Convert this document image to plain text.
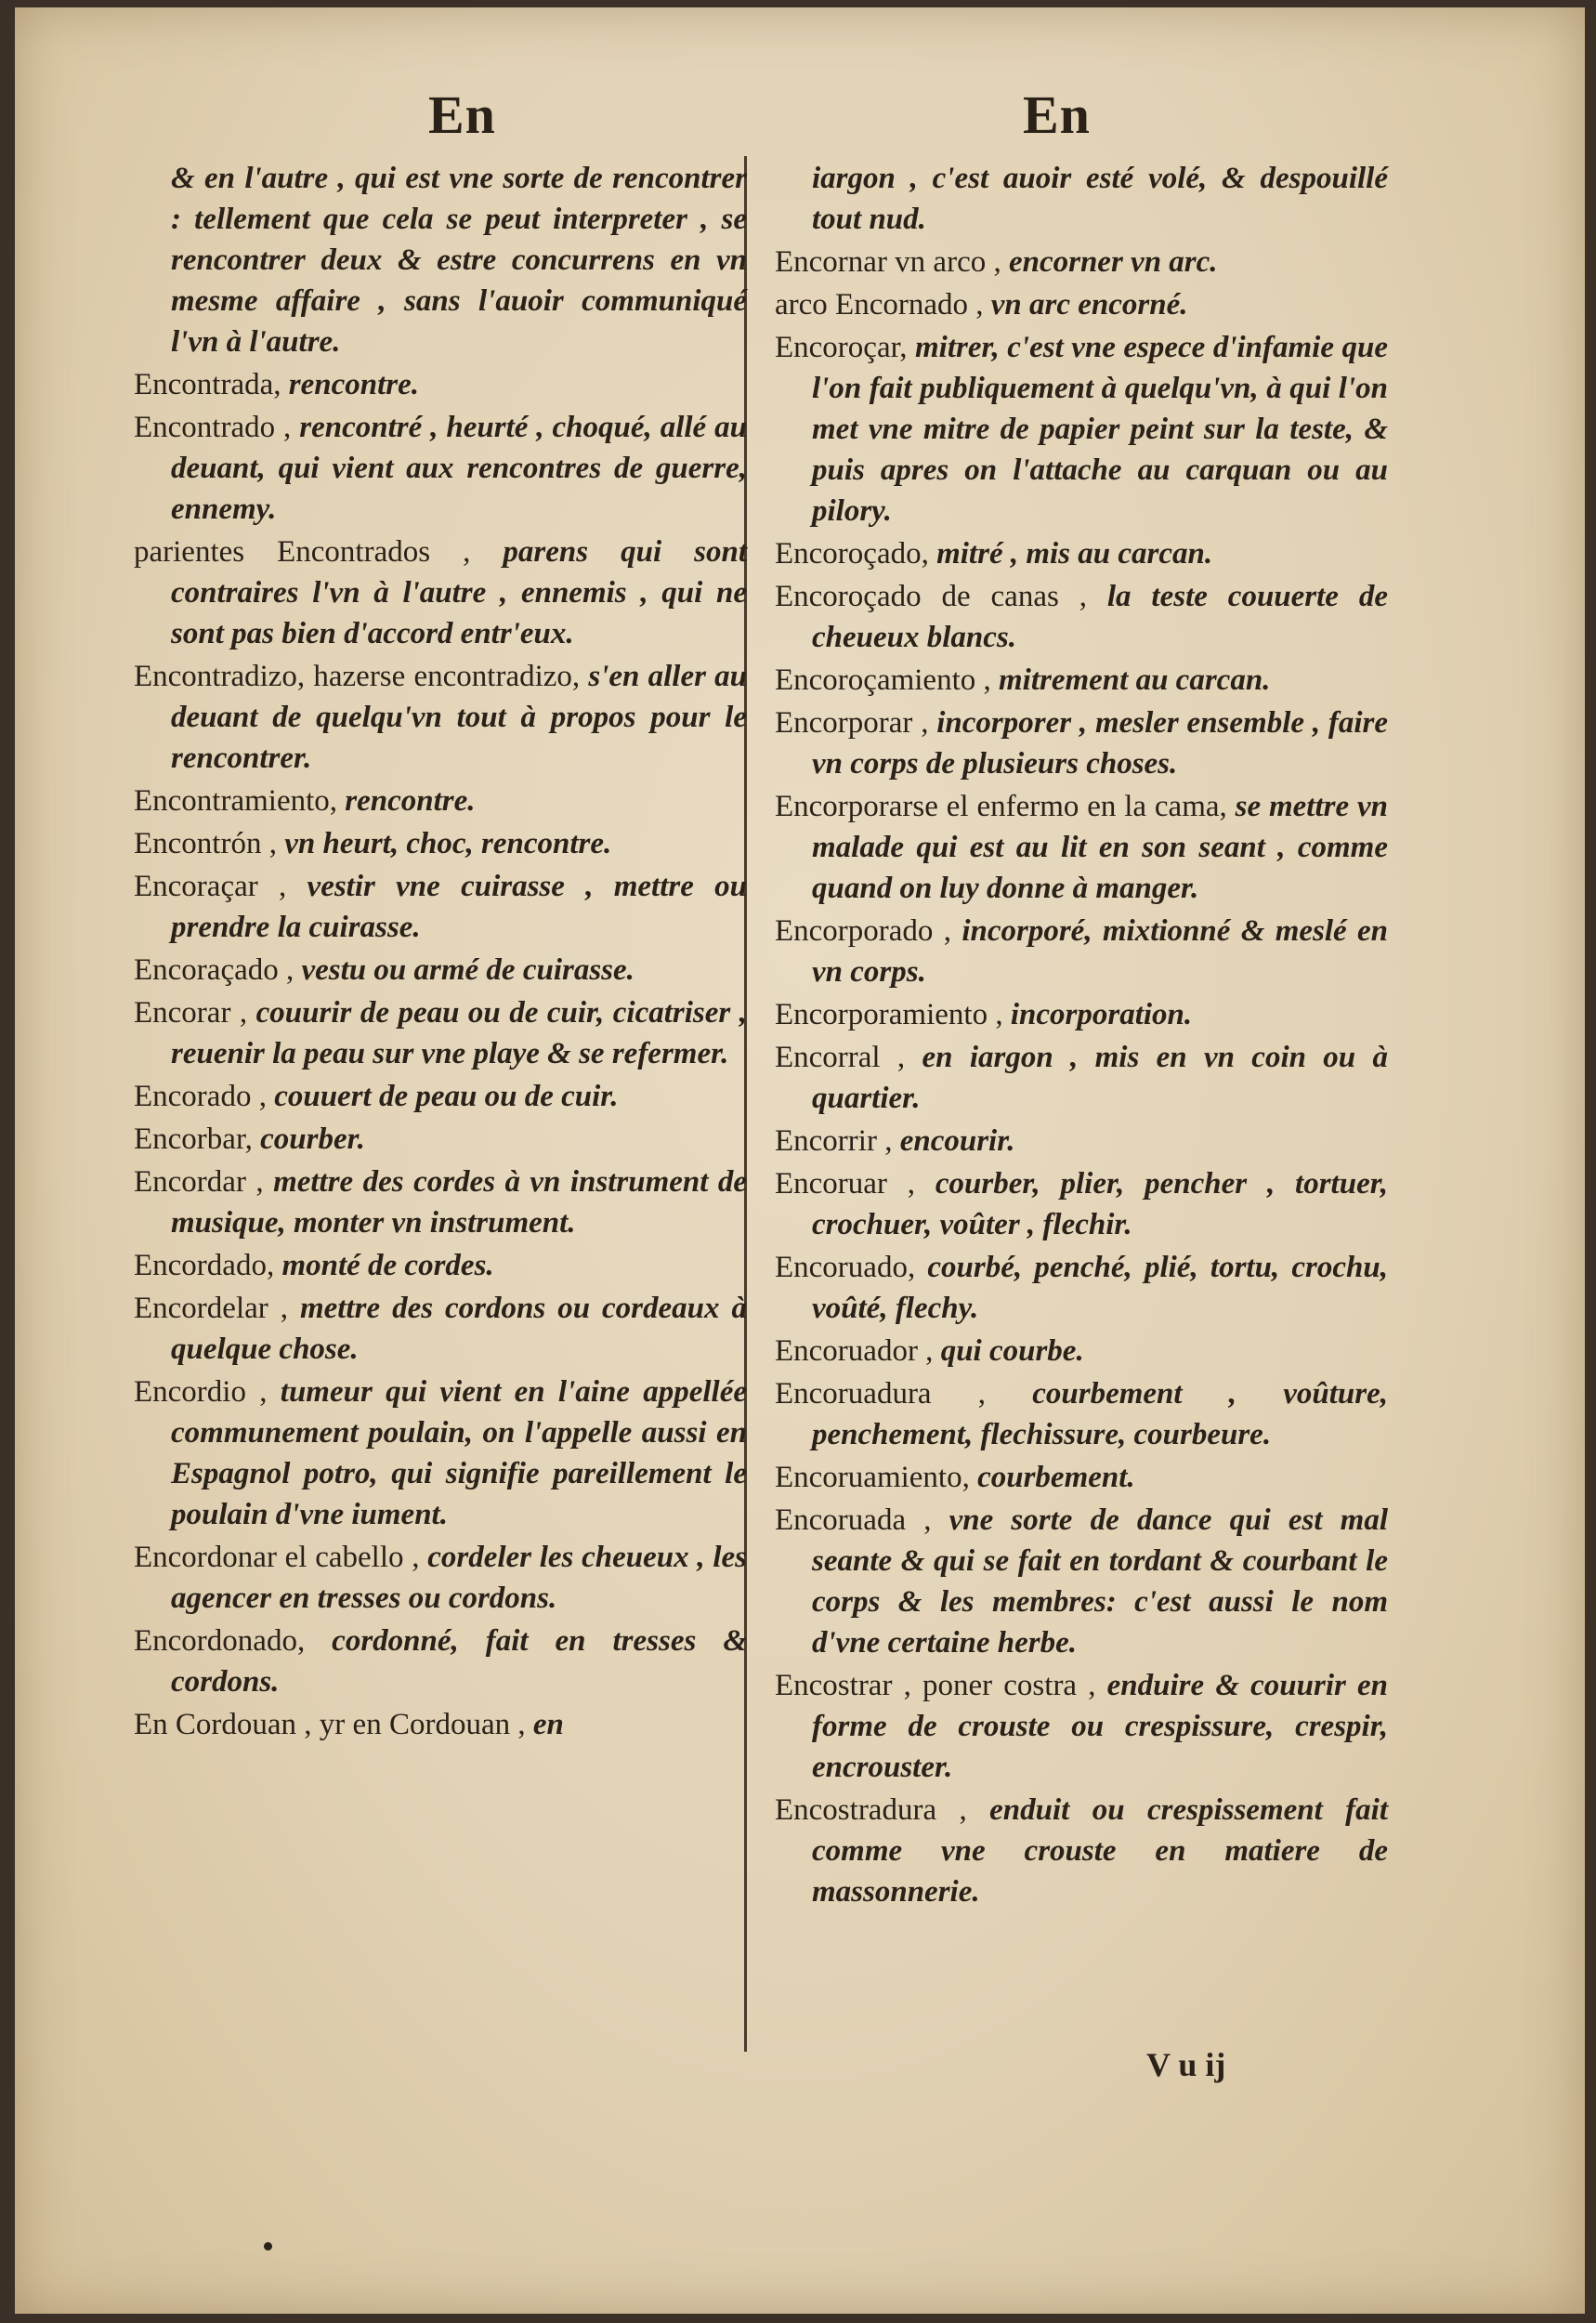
En	En

& en l'autre , qui est vne sorte de rencontrer : tellement que cela se peut interpreter , se rencontrer deux & estre concurrens en vn mesme affaire , sans l'auoir communiqué l'vn à l'autre.

Encontrada, rencontre.

Encontrado , rencontré , heurté , choqué, allé au deuant, qui vient aux rencontres de guerre, ennemy.

parientes Encontrados , parens qui sont contraires l'vn à l'autre , ennemis , qui ne sont pas bien d'accord entr'eux.

Encontradizo, hazerse encontradizo, s'en aller au deuant de quelqu'vn tout à propos pour le rencontrer.

Encontramiento, rencontre.

Encontrón , vn heurt, choc, rencontre.

Encoraçar , vestir vne cuirasse , mettre ou prendre la cuirasse.

Encoraçado , vestu ou armé de cuirasse.

Encorar , couurir de peau ou de cuir, cicatriser , reuenir la peau sur vne playe & se refermer.

Encorado , couuert de peau ou de cuir.

Encorbar, courber.

Encordar , mettre des cordes à vn instrument de musique, monter vn instrument.

Encordado, monté de cordes.

Encordelar , mettre des cordons ou cordeaux à quelque chose.

Encordio , tumeur qui vient en l'aine appellée communement poulain, on l'appelle aussi en Espagnol potro, qui signifie pareillement le poulain d'vne iument.

Encordonar el cabello , cordeler les cheueux , les agencer en tresses ou cordons.

Encordonado, cordonné, fait en tresses & cordons.

En Cordouan , yr en Cordouan , en

iargon , c'est auoir esté volé, & despouillé tout nud.

Encornar vn arco , encorner vn arc.

arco Encornado , vn arc encorné.

Encoroçar, mitrer, c'est vne espece d'infamie que l'on fait publiquement à quelqu'vn, à qui l'on met vne mitre de papier peint sur la teste, & puis apres on l'attache au carquan ou au pilory.

Encoroçado, mitré , mis au carcan.

Encoroçado de canas , la teste couuerte de cheueux blancs.

Encoroçamiento , mitrement au carcan.

Encorporar , incorporer , mesler ensemble , faire vn corps de plusieurs choses.

Encorporarse el enfermo en la cama, se mettre vn malade qui est au lit en son seant , comme quand on luy donne à manger.

Encorporado , incorporé, mixtionné & meslé en vn corps.

Encorporamiento , incorporation.

Encorral , en iargon , mis en vn coin ou à quartier.

Encorrir , encourir.

Encoruar , courber, plier, pencher , tortuer, crochuer, voûter , flechir.

Encoruado, courbé, penché, plié, tortu, crochu, voûté, flechy.

Encoruador , qui courbe.

Encoruadura , courbement , voûture, penchement, flechissure, courbeure.

Encoruamiento, courbement.

Encoruada , vne sorte de dance qui est mal seante & qui se fait en tordant & courbant le corps & les membres: c'est aussi le nom d'vne certaine herbe.

Encostrar , poner costra , enduire & couurir en forme de crouste ou crespissure, crespir, encrouster.

Encostradura , enduit ou crespissement fait comme vne crouste en matiere de massonnerie.

V u ij
